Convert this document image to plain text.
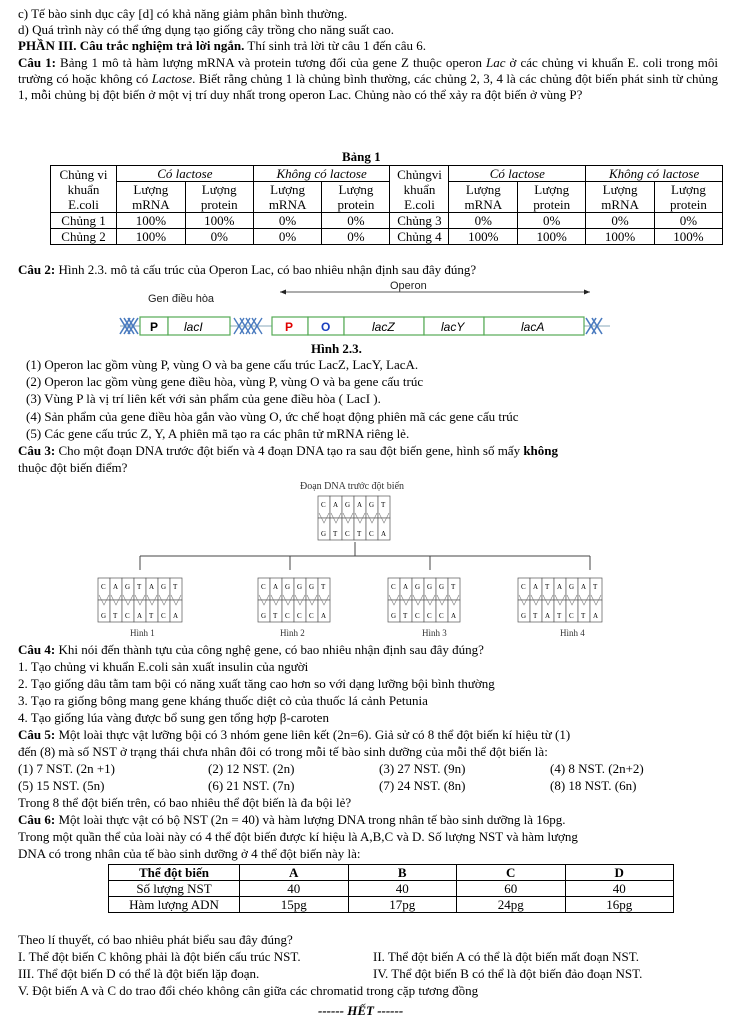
c) Tế bào sinh dục cây [d] có khả năng giảm phân bình thường.
d) Quá trình này có thể ứng dụng tạo giống cây trồng cho năng suất cao.
PHẦN III. Câu trắc nghiệm trả lời ngắn. Thí sinh trả lời từ câu 1 đến câu 6.
Câu 1: Bảng 1 mô tả hàm lượng mRNA và protein tương đối của gene Z thuộc operon Lac ở các chủng vi khuẩn E. coli trong môi trường có hoặc không có Lactose. Biết rằng chủng 1 là chủng bình thường, các chủng 2, 3, 4 là các chủng đột biến phát sinh từ chủng 1, mỗi chủng bị đột biến ở một vị trí duy nhất trong operon Lac. Chủng nào có thể xảy ra đột biến ở vùng P?
Bảng 1
Chủng vi khuẩn E.coli	Có lactose		Không có lactose		Chủngvi khuẩn E.coli	Có lactose		Không có lactose	
	Lượng mRNA	Lượng protein	Lượng mRNA	Lượng protein		Lượng mRNA	Lượng protein	Lượng mRNA	Lượng protein
Chủng 1	100%	100%	0%	0%	Chủng 3	0%	0%	0%	0%
Chủng 2	100%	0%	0%	0%	Chủng 4	100%	100%	100%	100%
Câu 2: Hình 2.3. mô tả cấu trúc của Operon Lac, có bao nhiêu nhận định sau đây đúng?
Gen điều hòa
Operon
P lacI	P O	lacZ	lacY	lacA
Hình 2.3.
(1) Operon lac gồm vùng P, vùng O và ba gene cấu trúc LacZ, LacY, LacA.
(2) Operon lac gồm vùng gene điều hòa, vùng P, vùng O và ba gene cấu trúc
(3) Vùng P là vị trí liên kết với sản phẩm của gene điều hòa ( LacI ).
(4) Sản phẩm của gene điều hòa gắn vào vùng O, ức chế hoạt động phiên mã các gene cấu trúc
(5) Các gene cấu trúc Z, Y, A phiên mã tạo ra các phân tử mRNA riêng lẻ.
Câu 3: Cho một đoạn DNA trước đột biến và 4 đoạn DNA tạo ra sau đột biến gene, hình số mấy không
thuộc đột biến điểm?
Đoạn DNA trước đột biến
C
G
A
T
G
C
A
T
G
C
T
A
C
G
A
T
G
C
T
A
A
T
G
C
T
A
C
G
A
T
G
C
G
C
G
C
T
A
C
G
A
T
G
C
G
C
G
C
T
A
C
G
A
T
T
A
A
T
G
C
A
T
T
A
Hình 1	Hình 2	Hình 3	Hình 4
Câu 4: Khi nói đến thành tựu của công nghệ gene, có bao nhiêu nhận định sau đây đúng?
1. Tạo chủng vi khuẩn E.coli sản xuất insulin của người
2. Tạo giống dâu tằm tam bội có năng xuất tăng cao hơn so với dạng lưỡng bội bình thường
3. Tạo ra giống bông mang gene kháng thuốc diệt cỏ của thuốc lá cảnh Petunia
4. Tạo giống lúa vàng được bổ sung gen tổng hợp β-caroten
Câu 5: Một loài thực vật lưỡng bội có 3 nhóm gene liên kết (2n=6). Giả sử có 8 thể đột biến kí hiệu từ (1)
đến (8) mà số NST ở trạng thái chưa nhân đôi có trong mỗi tế bào sinh dưỡng của mỗi thể đột biến là:
(1) 7 NST. (2n +1)	(2) 12 NST. (2n)	(3) 27 NST. (9n)	(4) 8 NST. (2n+2)
(5) 15 NST. (5n)	(6) 21 NST. (7n)	(7) 24 NST. (8n)	(8) 18 NST. (6n)
Trong 8 thể đột biến trên, có bao nhiêu thể đột biến là đa bội lẻ?
Câu 6: Một loài thực vật có bộ NST (2n = 40) và hàm lượng DNA trong nhân tế bào sinh dưỡng là 16pg.
Trong một quần thể của loài này có 4 thể đột biến được kí hiệu là A,B,C và D. Số lượng NST và hàm lượng
DNA có trong nhân của tế bào sinh dưỡng ở 4 thể đột biến này là:
Thể đột biến	A	B	C	D
Số lượng NST	40	40	60	40
Hàm lượng ADN	15pg	17pg	24pg	16pg
Theo lí thuyết, có bao nhiêu phát biểu sau đây đúng?
I. Thể đột biến C không phải là đột biến cấu trúc NST.	II. Thể đột biến A có thể là đột biến mất đoạn NST.
III. Thể đột biến D có thể là đột biến lặp đoạn.	IV. Thể đột biến B có thể là đột biến đảo đoạn NST.
V. Đột biến A và C do trao đổi chéo không cân giữa các chromatid trong cặp tương đồng
------ HẾT ------
